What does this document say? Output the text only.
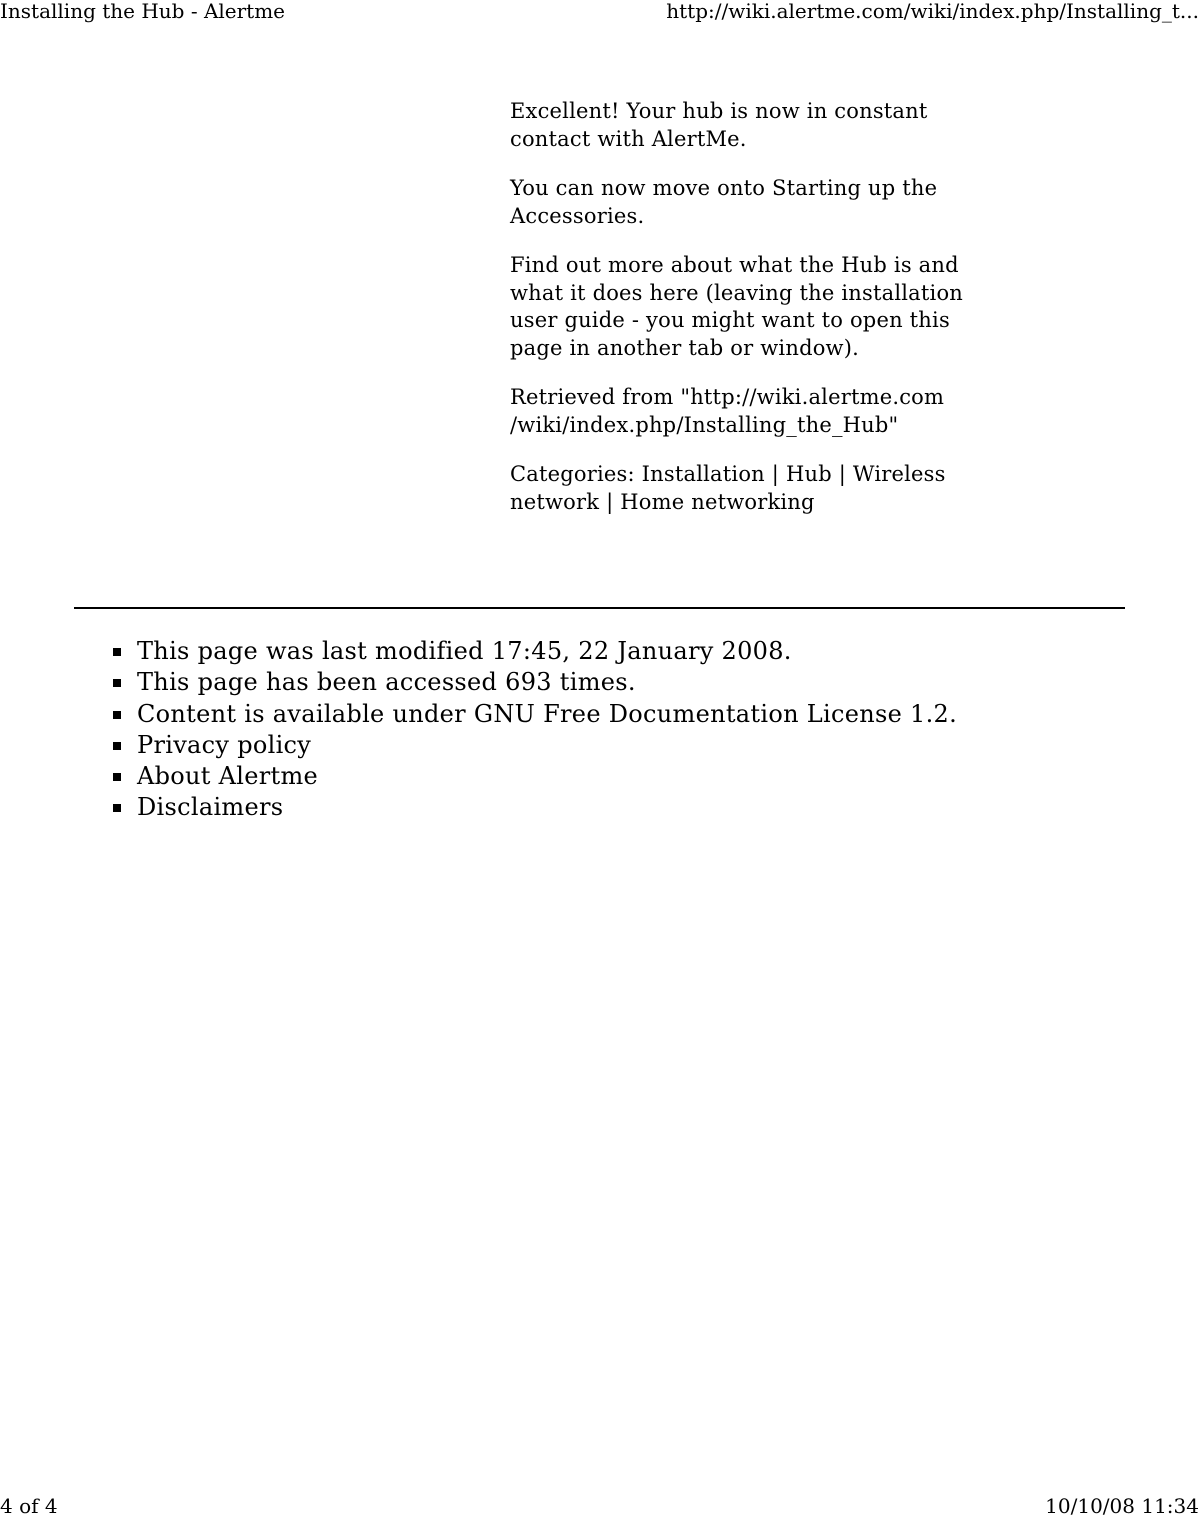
Installing the Hub - Alertme	http://wiki.alertme.com/wiki/index.php/Installing_t...

Excellent! Your hub is now in constant contact with AlertMe.

You can now move onto Starting up the Accessories.

Find out more about what the Hub is and what it does here (leaving the installation user guide - you might want to open this page in another tab or window).

Retrieved from "http://wiki.alertme.com
/wiki/index.php/Installing_the_Hub"

Categories: Installation | Hub | Wireless network | Home networking

This page was last modified 17:45, 22 January 2008.
This page has been accessed 693 times.
Content is available under GNU Free Documentation License 1.2.
Privacy policy
About Alertme
Disclaimers
4 of 4	10/10/08 11:34
